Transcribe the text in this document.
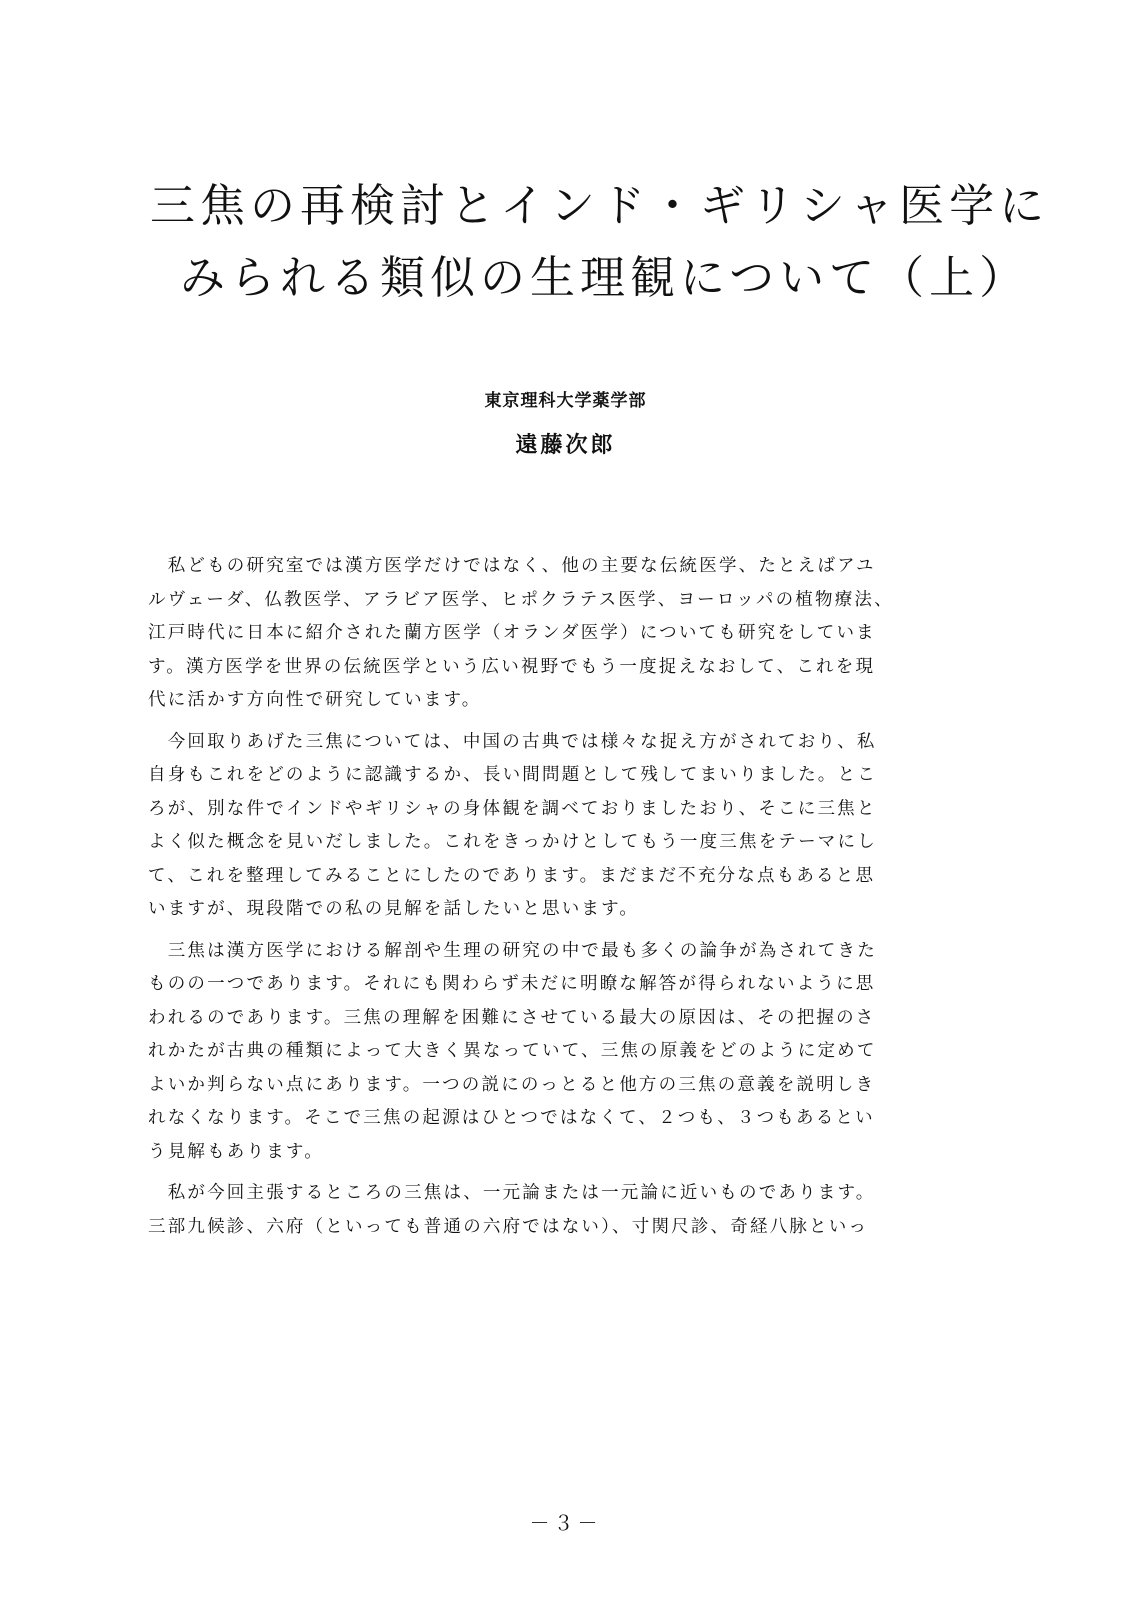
三焦の再検討とインド・ギリシャ医学に
みられる類似の生理観について（上）
東京理科大学薬学部
遠藤次郎
　私どもの研究室では漢方医学だけではなく、他の主要な伝統医学、たとえばアユ
ルヴェーダ、仏教医学、アラビア医学、ヒポクラテス医学、ヨーロッパの植物療法、
江戸時代に日本に紹介された蘭方医学（オランダ医学）についても研究をしていま
す。漢方医学を世界の伝統医学という広い視野でもう一度捉えなおして、これを現
代に活かす方向性で研究しています。
　今回取りあげた三焦については、中国の古典では様々な捉え方がされており、私
自身もこれをどのように認識するか、長い間問題として残してまいりました。とこ
ろが、別な件でインドやギリシャの身体観を調べておりましたおり、そこに三焦と
よく似た概念を見いだしました。これをきっかけとしてもう一度三焦をテーマにし
て、これを整理してみることにしたのであります。まだまだ不充分な点もあると思
いますが、現段階での私の見解を話したいと思います。
　三焦は漢方医学における解剖や生理の研究の中で最も多くの論争が為されてきた
ものの一つであります。それにも関わらず未だに明瞭な解答が得られないように思
われるのであります。三焦の理解を困難にさせている最大の原因は、その把握のさ
れかたが古典の種類によって大きく異なっていて、三焦の原義をどのように定めて
よいか判らない点にあります。一つの説にのっとると他方の三焦の意義を説明しき
れなくなります。そこで三焦の起源はひとつではなくて、２つも、３つもあるとい
う見解もあります。
　私が今回主張するところの三焦は、一元論または一元論に近いものであります。
三部九候診、六府（といっても普通の六府ではない）、寸関尺診、奇経八脉といっ
－３－
